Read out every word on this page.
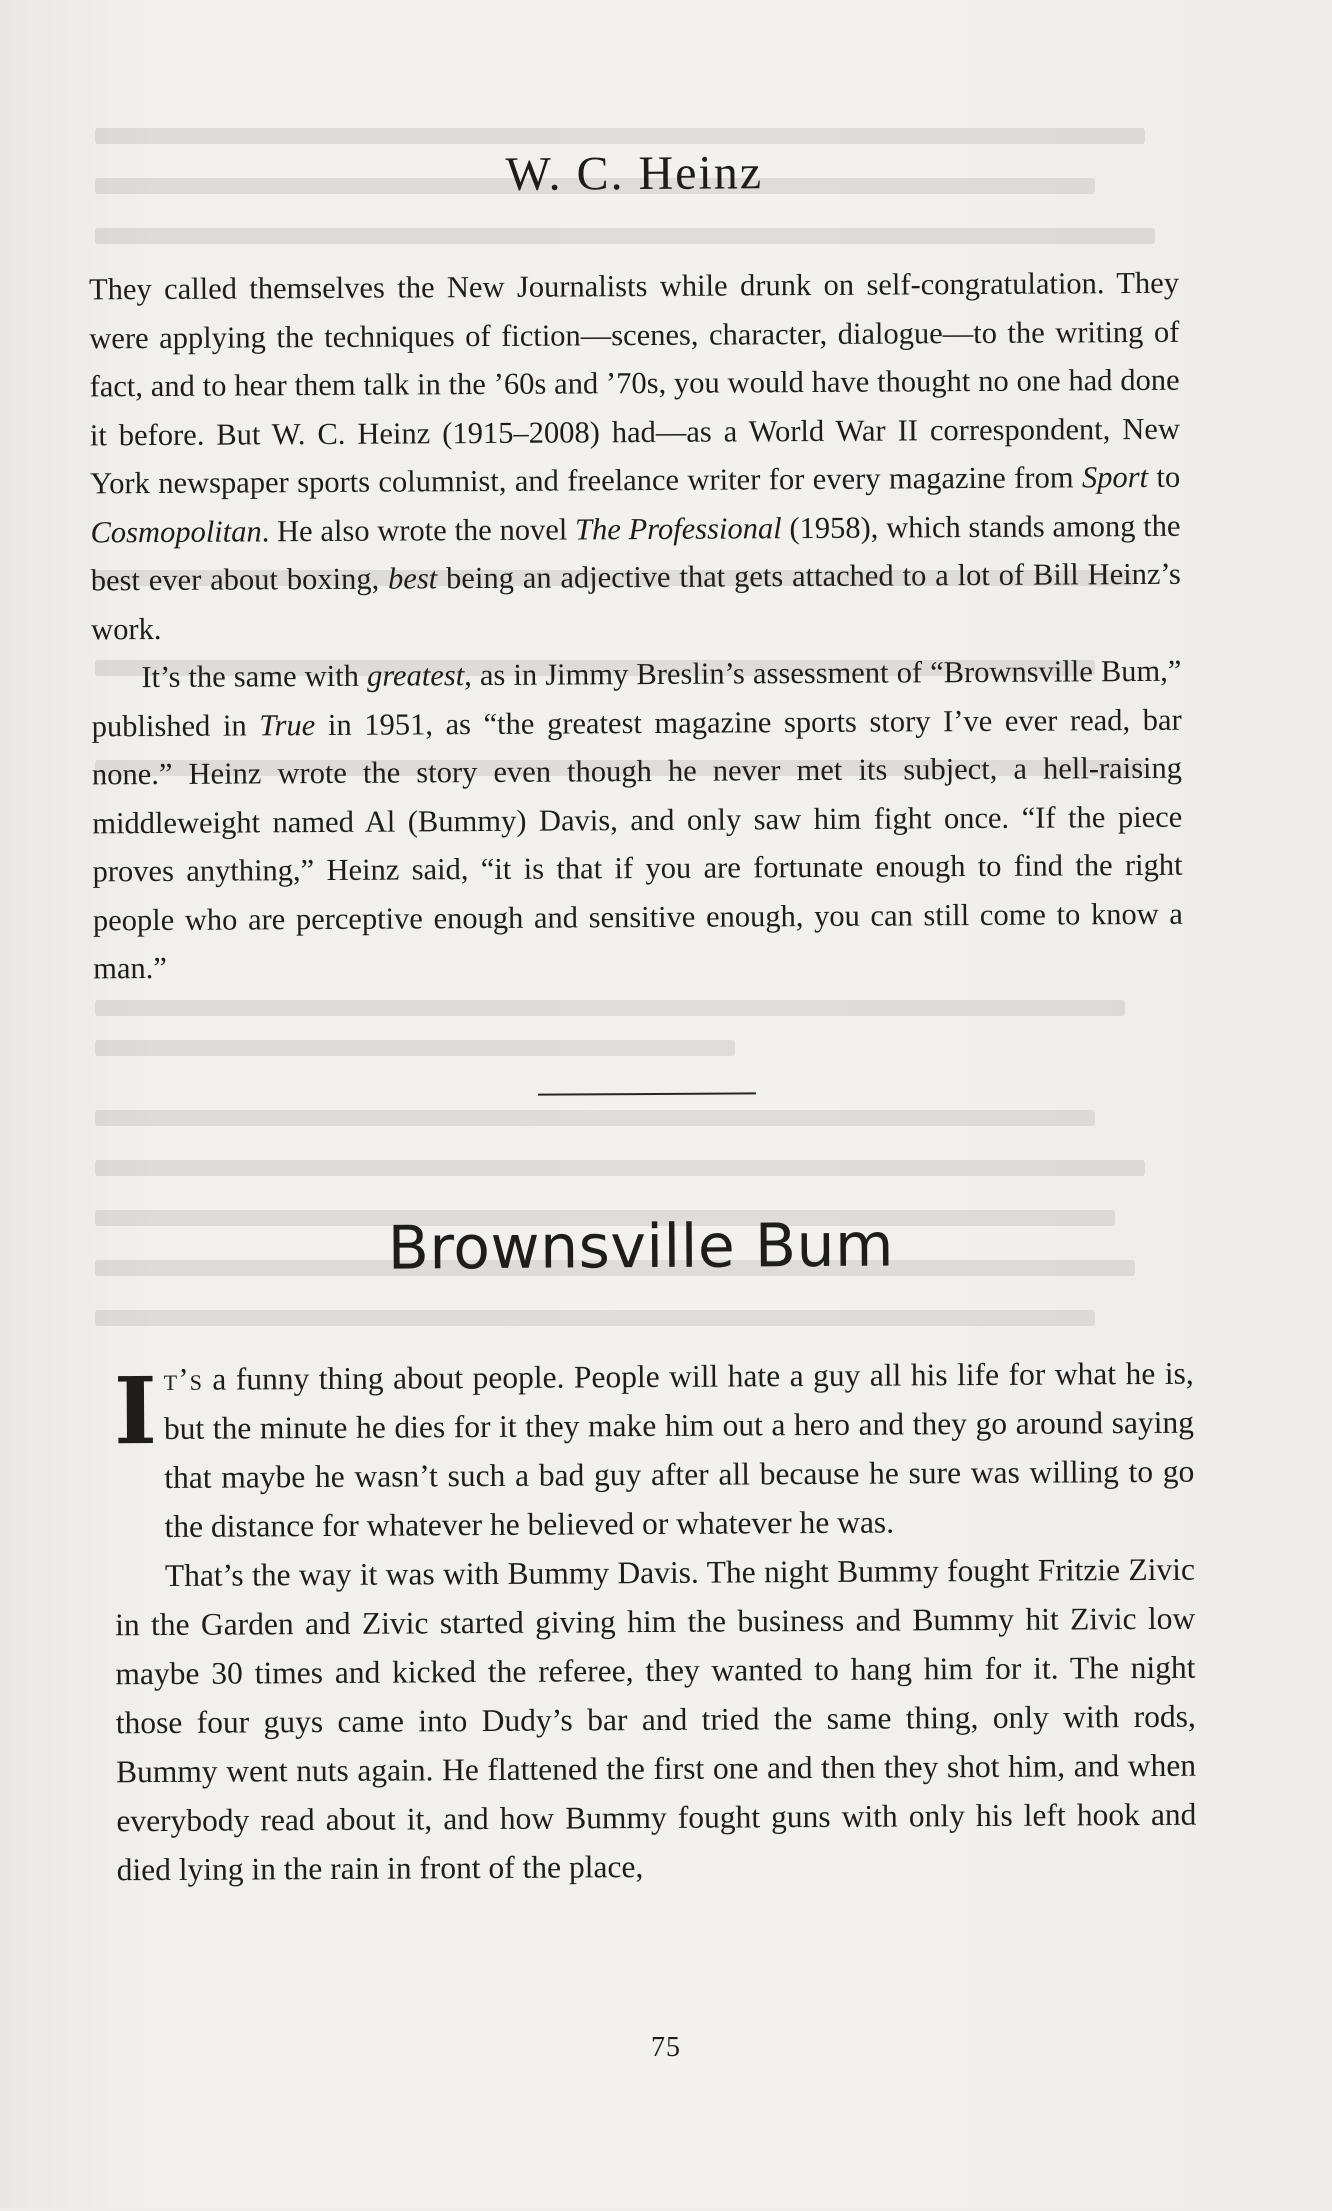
W. C. Heinz

They called themselves the New Journalists while drunk on self-congratulation. They were applying the techniques of fiction—scenes, character, dialogue—to the writing of fact, and to hear them talk in the ’60s and ’70s, you would have thought no one had done it before. But W. C. Heinz (1915–2008) had—as a World War II correspondent, New York newspaper sports columnist, and freelance writer for every magazine from Sport to Cosmopolitan. He also wrote the novel The Professional (1958), which stands among the best ever about boxing, best being an adjective that gets attached to a lot of Bill Heinz’s work.

It’s the same with greatest, as in Jimmy Breslin’s assessment of “Brownsville Bum,” published in True in 1951, as “the greatest magazine sports story I’ve ever read, bar none.” Heinz wrote the story even though he never met its subject, a hell-raising middleweight named Al (Bummy) Davis, and only saw him fight once. “If the piece proves anything,” Heinz said, “it is that if you are fortunate enough to find the right people who are perceptive enough and sensitive enough, you can still come to know a man.”

Brownsville Bum
I t’s a funny thing about people. People will hate a guy all his life for what he is, but the minute he dies for it they make him out a hero and they go around saying that maybe he wasn’t such a bad guy after all because he sure was willing to go the distance for whatever he believed or whatever he was.

That’s the way it was with Bummy Davis. The night Bummy fought Fritzie Zivic in the Garden and Zivic started giving him the business and Bummy hit Zivic low maybe 30 times and kicked the referee, they wanted to hang him for it. The night those four guys came into Dudy’s bar and tried the same thing, only with rods, Bummy went nuts again. He flattened the first one and then they shot him, and when everybody read about it, and how Bummy fought guns with only his left hook and died lying in the rain in front of the place,

75
